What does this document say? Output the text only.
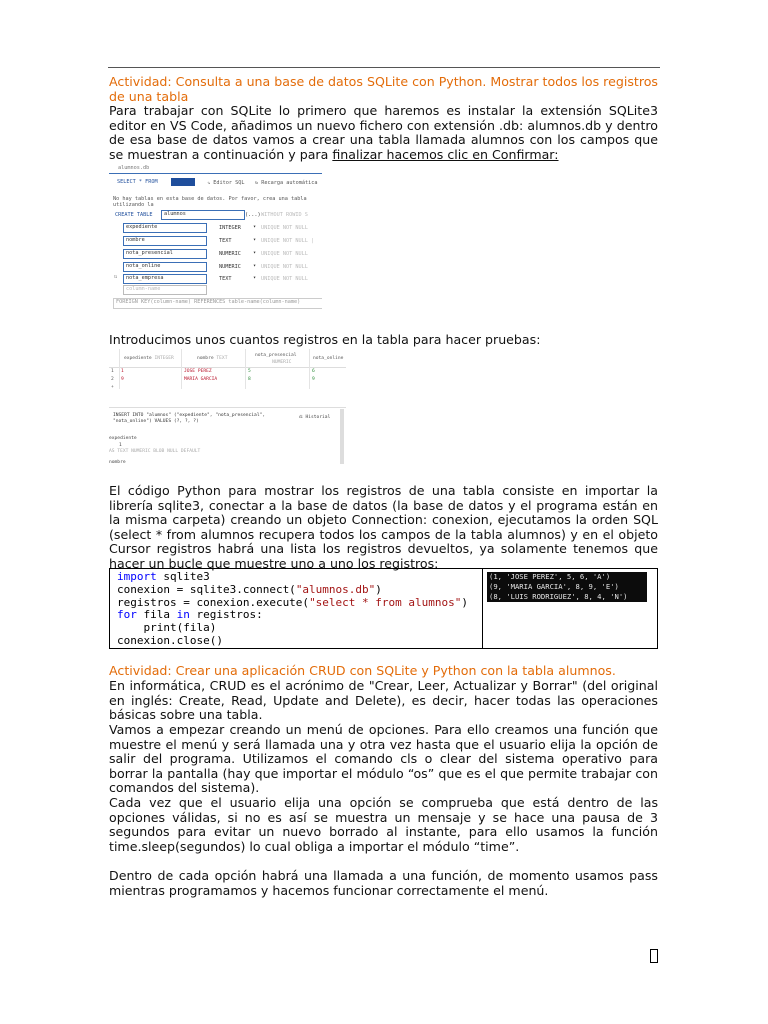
Actividad: Consulta a una base de datos SQLite con Python. Mostrar todos los registros de una tabla

Para trabajar con SQLite lo primero que haremos es instalar la extensión SQLite3 editor en VS Code, añadimos un nuevo fichero con extensión .db: alumnos.db y dentro de esa base de datos vamos a crear una tabla llamada alumnos con los campos que se muestran a continuación y para finalizar hacemos clic en Confirmar:

alumnos.db
SELECT * FROM	⇘ Editor SQL ↻ Recarga automática
No hay tablas en esta base de datos. Por favor, crea una tabla utilizando la
CREATE TABLE	alumnos	(...) WITHOUT ROWID S
expediente	INTEGER ▾ UNIQUE NOT NULL
nombre	TEXT	▾ UNIQUE NOT NULL |
nota_presencial	NUMERIC ▾ UNIQUE NOT NULL
nota_online	NUMERIC ▾ UNIQUE NOT NULL
⇅	nota_empresa	TEXT	▾ UNIQUE NOT NULL
column-name
FOREIGN KEY(column-name) REFERENCES table-name(column-name)

Introducimos unos cuantos registros en la tabla para hacer pruebas:

expediente INTEGER	nombre TEXT
nota_presencial
NUMERIC
nota_online
1 1	JOSE PEREZ	5	6
2 9	MARIA GARCIA	8	9
+
INSERT INTO "alumnos" ("expediente", "nota_presencial",
"nota_online") VALUES (?, ?, ?)
⎌ Historial
expediente
1
AS TEXT NUMERIC BLOB NULL DEFAULT
nombre

El código Python para mostrar los registros de una tabla consiste en importar la librería sqlite3, conectar a la base de datos (la base de datos y el programa están en la misma carpeta) creando un objeto Connection: conexion, ejecutamos la orden SQL (select * from alumnos recupera todos los campos de la tabla alumnos) y en el objeto Cursor registros habrá una lista los registros devueltos, ya solamente tenemos que hacer un bucle que muestre uno a uno los registros:

import sqlite3
conexion = sqlite3.connect("alumnos.db")
registros = conexion.execute("select * from alumnos")
for fila in registros:
print(fila)
conexion.close()
(1, 'JOSE PEREZ', 5, 6, 'A')
(9, 'MARIA GARCIA', 8, 9, 'E')
(8, 'LUIS RODRIGUEZ', 8, 4, 'N')

Actividad: Crear una aplicación CRUD con SQLite y Python con la tabla alumnos.

En informática, CRUD es el acrónimo de "Crear, Leer, Actualizar y Borrar" (del original en inglés: Create, Read, Update and Delete), es decir, hacer todas las operaciones básicas sobre una tabla.

Vamos a empezar creando un menú de opciones. Para ello creamos una función que muestre el menú y será llamada una y otra vez hasta que el usuario elija la opción de salir del programa. Utilizamos el comando cls o clear del sistema operativo para borrar la pantalla (hay que importar el módulo “os” que es el que permite trabajar con comandos del sistema).

Cada vez que el usuario elija una opción se comprueba que está dentro de las opciones válidas, si no es así se muestra un mensaje y se hace una pausa de 3 segundos para evitar un nuevo borrado al instante, para ello usamos la función time.sleep(segundos) lo cual obliga a importar el módulo “time”.

Dentro de cada opción habrá una llamada a una función, de momento usamos pass mientras programamos y hacemos funcionar correctamente el menú.
